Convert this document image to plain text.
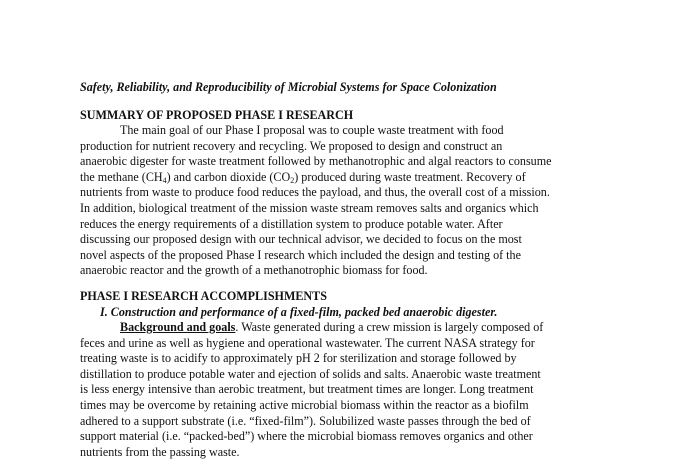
Safety, Reliability, and Reproducibility of Microbial Systems for Space Colonization
SUMMARY OF PROPOSED PHASE I RESEARCH
The main goal of our Phase I proposal was to couple waste treatment with food
production for nutrient recovery and recycling. We proposed to design and construct an
anaerobic digester for waste treatment followed by methanotrophic and algal reactors to consume
the methane $(CH_4)$ and carbon dioxide $(CO_2)$ produced during waste treatment. Recovery of
nutrients from waste to produce food reduces the payload, and thus, the overall cost of a mission.
In addition, biological treatment of the mission waste stream removes salts and organics which
reduces the energy requirements of a distillation system to produce potable water. After
discussing our proposed design with our technical advisor, we decided to focus on the most
novel aspects of the proposed Phase I research which included the design and testing of the
anaerobic reactor and the growth of a methanotrophic biomass for food.
PHASE I RESEARCH ACCOMPLISHMENTS
I. Construction and performance of a fixed-film, packed bed anaerobic digester.
Background and goals. Waste generated during a crew mission is largely composed of
feces and urine as well as hygiene and operational wastewater. The current NASA strategy for
treating waste is to acidify to approximately pH 2 for sterilization and storage followed by
distillation to produce potable water and ejection of solids and salts. Anaerobic waste treatment
is less energy intensive than aerobic treatment, but treatment times are longer. Long treatment
times may be overcome by retaining active microbial biomass within the reactor as a biofilm
adhered to a support substrate (i.e. “fixed-film”). Solubilized waste passes through the bed of
support material (i.e. “packed-bed”) where the microbial biomass removes organics and other
nutrients from the passing waste.
